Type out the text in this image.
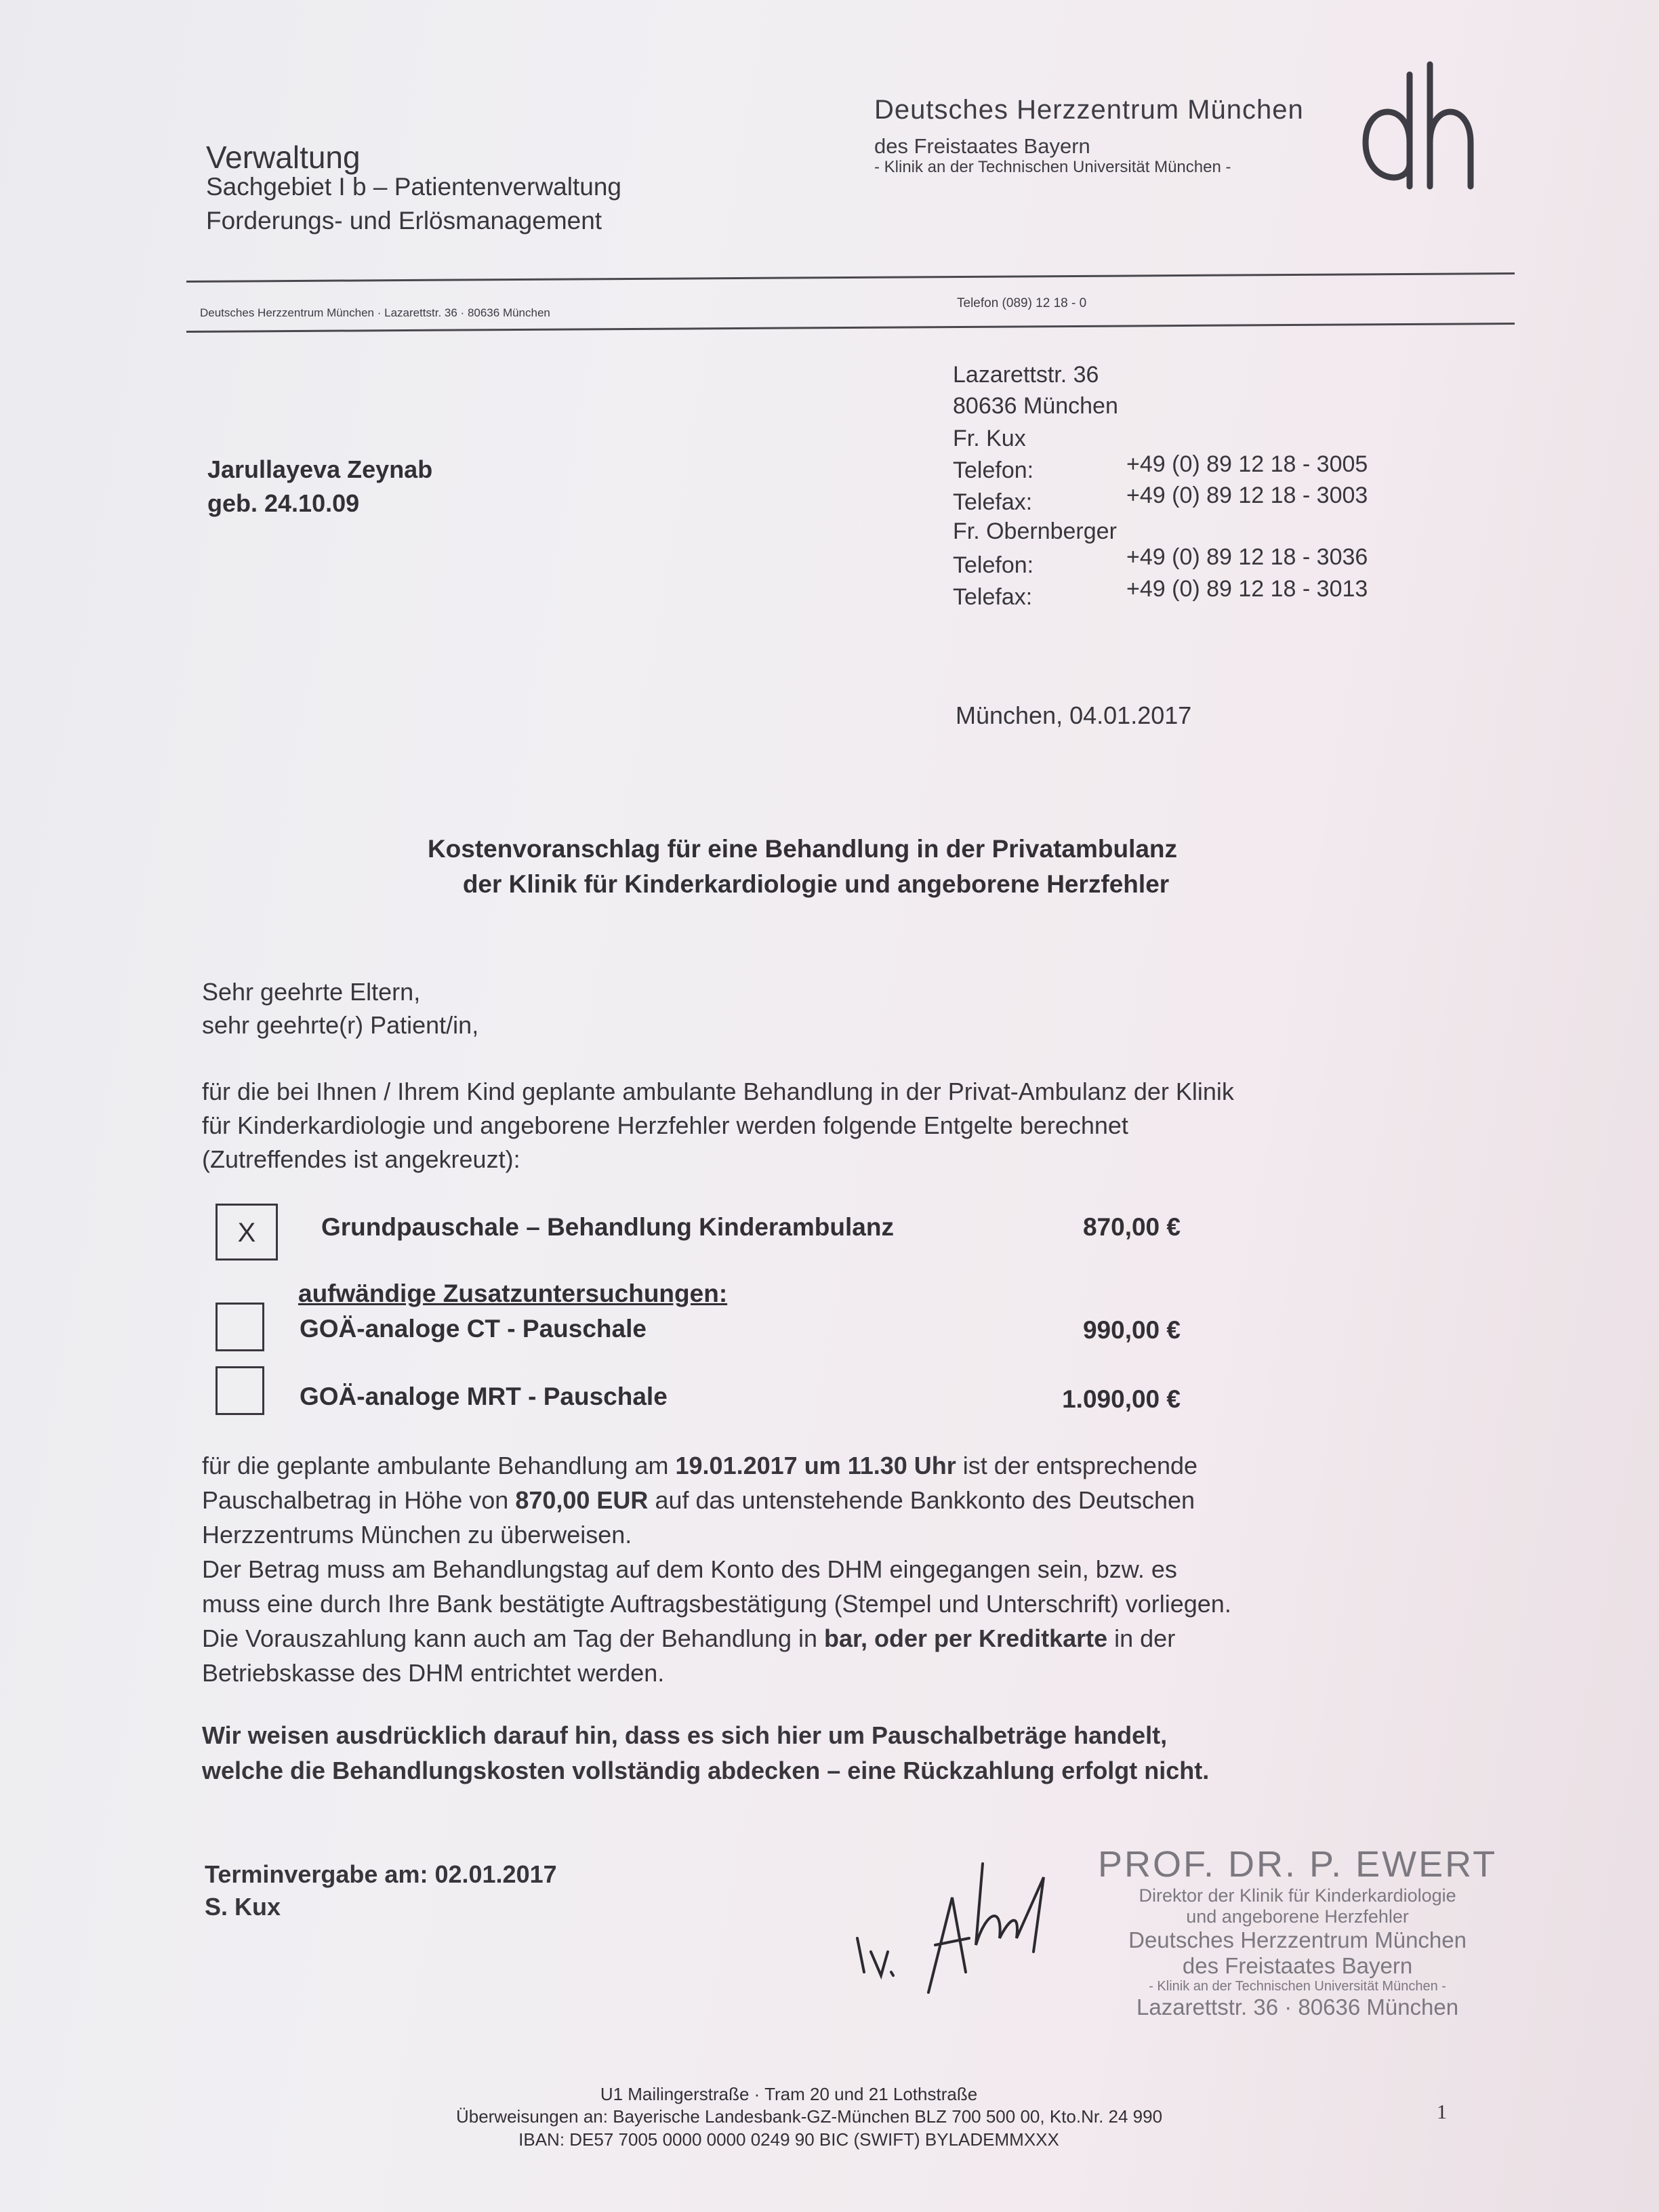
Verwaltung
Sachgebiet I b – Patientenverwaltung
Forderungs- und Erlösmanagement
Deutsches Herzzentrum München
des Freistaates Bayern
- Klinik an der Technischen Universität München -
Deutsches Herzzentrum München · Lazarettstr. 36 · 80636 München
Telefon (089) 12 18 - 0
Lazarettstr. 36
80636 München
Fr. Kux
Telefon:	+49 (0) 89 12 18 - 3005
Telefax:	+49 (0) 89 12 18 - 3003
Fr. Obernberger
Telefon:	+49 (0) 89 12 18 - 3036
Telefax:	+49 (0) 89 12 18 - 3013
Jarullayeva Zeynab
geb. 24.10.09
München, 04.01.2017
Kostenvoranschlag für eine Behandlung in der Privatambulanz
der Klinik für Kinderkardiologie und angeborene Herzfehler
Sehr geehrte Eltern,
sehr geehrte(r) Patient/in,
für die bei Ihnen / Ihrem Kind geplante ambulante Behandlung in der Privat-Ambulanz der Klinik
für Kinderkardiologie und angeborene Herzfehler werden folgende Entgelte berechnet
(Zutreffendes ist angekreuzt):
X	Grundpauschale – Behandlung Kinderambulanz	870,00 €
aufwändige Zusatzuntersuchungen:
GOÄ-analoge CT - Pauschale	990,00 €
GOÄ-analoge MRT - Pauschale	1.090,00 €
für die geplante ambulante Behandlung am 19.01.2017 um 11.30 Uhr ist der entsprechende
Pauschalbetrag in Höhe von 870,00 EUR auf das untenstehende Bankkonto des Deutschen
Herzzentrums München zu überweisen.
Der Betrag muss am Behandlungstag auf dem Konto des DHM eingegangen sein, bzw. es
muss eine durch Ihre Bank bestätigte Auftragsbestätigung (Stempel und Unterschrift) vorliegen.
Die Vorauszahlung kann auch am Tag der Behandlung in bar, oder per Kreditkarte in der
Betriebskasse des DHM entrichtet werden.
Wir weisen ausdrücklich darauf hin, dass es sich hier um Pauschalbeträge handelt,
welche die Behandlungskosten vollständig abdecken – eine Rückzahlung erfolgt nicht.
Terminvergabe am: 02.01.2017
S. Kux
PROF. DR. P. EWERT
Direktor der Klinik für Kinderkardiologie
und angeborene Herzfehler
Deutsches Herzzentrum München
des Freistaates Bayern
- Klinik an der Technischen Universität München -
Lazarettstr. 36 · 80636 München
U1 Mailingerstraße · Tram 20 und 21 Lothstraße
Überweisungen an: Bayerische Landesbank-GZ-München BLZ 700 500 00, Kto.Nr. 24 990
IBAN: DE57 7005 0000 0000 0249 90 BIC (SWIFT) BYLADEMMXXX
1
